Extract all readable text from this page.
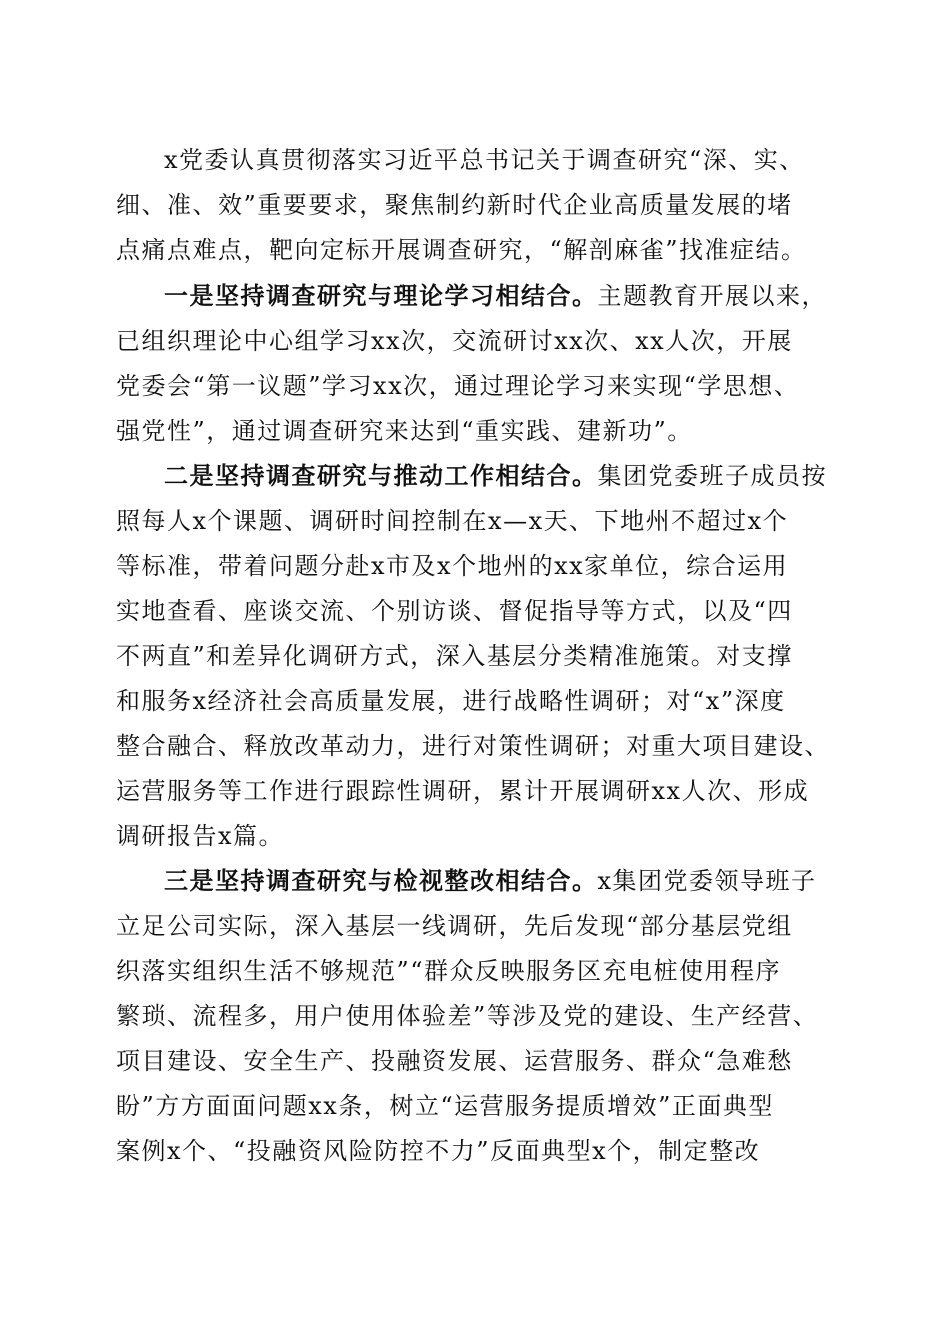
x党委认真贯彻落实习近平总书记关于调查研究“深、实、
细、准、效”重要要求，聚焦制约新时代企业高质量发展的堵
点痛点难点，靶向定标开展调查研究，“解剖麻雀”找准症结。
一是坚持调查研究与理论学习相结合。主题教育开展以来，
已组织理论中心组学习xx次，交流研讨xx次、xx人次，开展
党委会“第一议题”学习xx次，通过理论学习来实现“学思想、
强党性”，通过调查研究来达到“重实践、建新功”。
二是坚持调查研究与推动工作相结合。集团党委班子成员按
照每人x个课题、调研时间控制在x—x天、下地州不超过x个
等标准，带着问题分赴x市及x个地州的xx家单位，综合运用
实地查看、座谈交流、个别访谈、督促指导等方式，以及“四
不两直”和差异化调研方式，深入基层分类精准施策。对支撑
和服务x经济社会高质量发展，进行战略性调研；对“x”深度
整合融合、释放改革动力，进行对策性调研；对重大项目建设、
运营服务等工作进行跟踪性调研，累计开展调研xx人次、形成
调研报告x篇。
三是坚持调查研究与检视整改相结合。x集团党委领导班子
立足公司实际，深入基层一线调研，先后发现“部分基层党组
织落实组织生活不够规范”“群众反映服务区充电桩使用程序
繁琐、流程多，用户使用体验差”等涉及党的建设、生产经营、
项目建设、安全生产、投融资发展、运营服务、群众“急难愁
盼”方方面面问题xx条，树立“运营服务提质增效”正面典型
案例x个、“投融资风险防控不力”反面典型x个，制定整改
